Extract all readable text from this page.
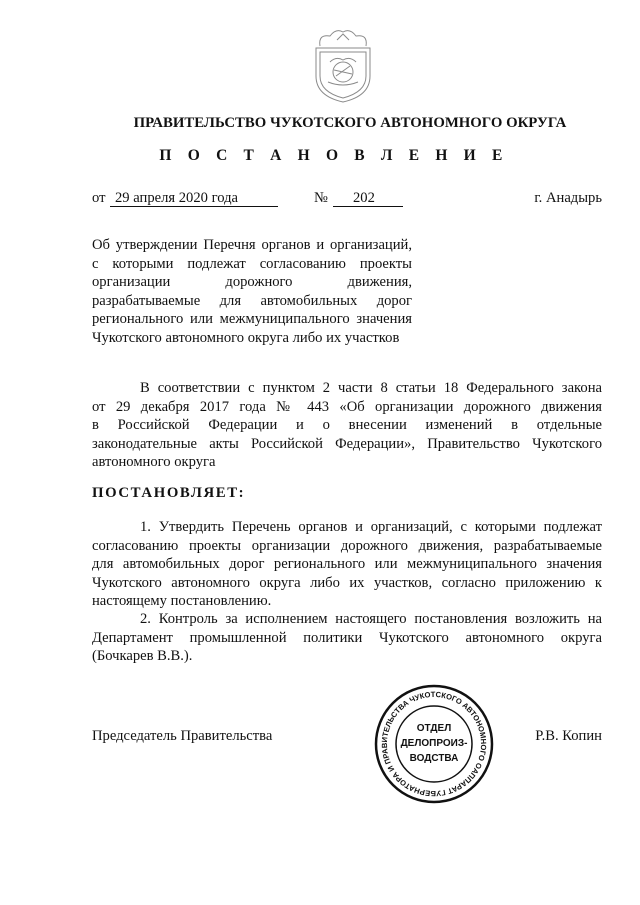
ПРАВИТЕЛЬСТВО ЧУКОТСКОГО АВТОНОМНОГО ОКРУГА
П О С Т А Н О В Л Е Н И Е
от 29 апреля 2020 года	№	202	г. Анадырь
Об утверждении Перечня органов и организаций,
с которыми подлежат согласованию проекты
организации дорожного движения,
разрабатываемые для автомобильных дорог
регионального или межмуниципального значения
Чукотского автономного округа либо их участков
В соответствии с пунктом 2 части 8 статьи 18 Федерального закона
от 29 декабря 2017 года № 443 «Об организации дорожного движения
в Российской Федерации и о внесении изменений в отдельные
законодательные акты Российской Федерации», Правительство Чукотского
автономного округа
ПОСТАНОВЛЯЕТ:
1. Утвердить Перечень органов и организаций, с которыми подлежат
согласованию проекты организации дорожного движения, разрабатываемые
для автомобильных дорог регионального или межмуниципального значения
Чукотского автономного округа либо их участков, согласно приложению к
настоящему постановлению.
2. Контроль за исполнением настоящего постановления возложить на
Департамент промышленной политики Чукотского автономного округа
(Бочкарев В.В.).
Председатель Правительства	Р.В. Копин
АППАРАТ ГУБЕРНАТОРА И ПРАВИТЕЛЬСТВА ЧУКОТСКОГО АВТОНОМНОГО ОКРУГА
ОТДЕЛ
ДЕЛОПРОИЗ-
ВОДСТВА
